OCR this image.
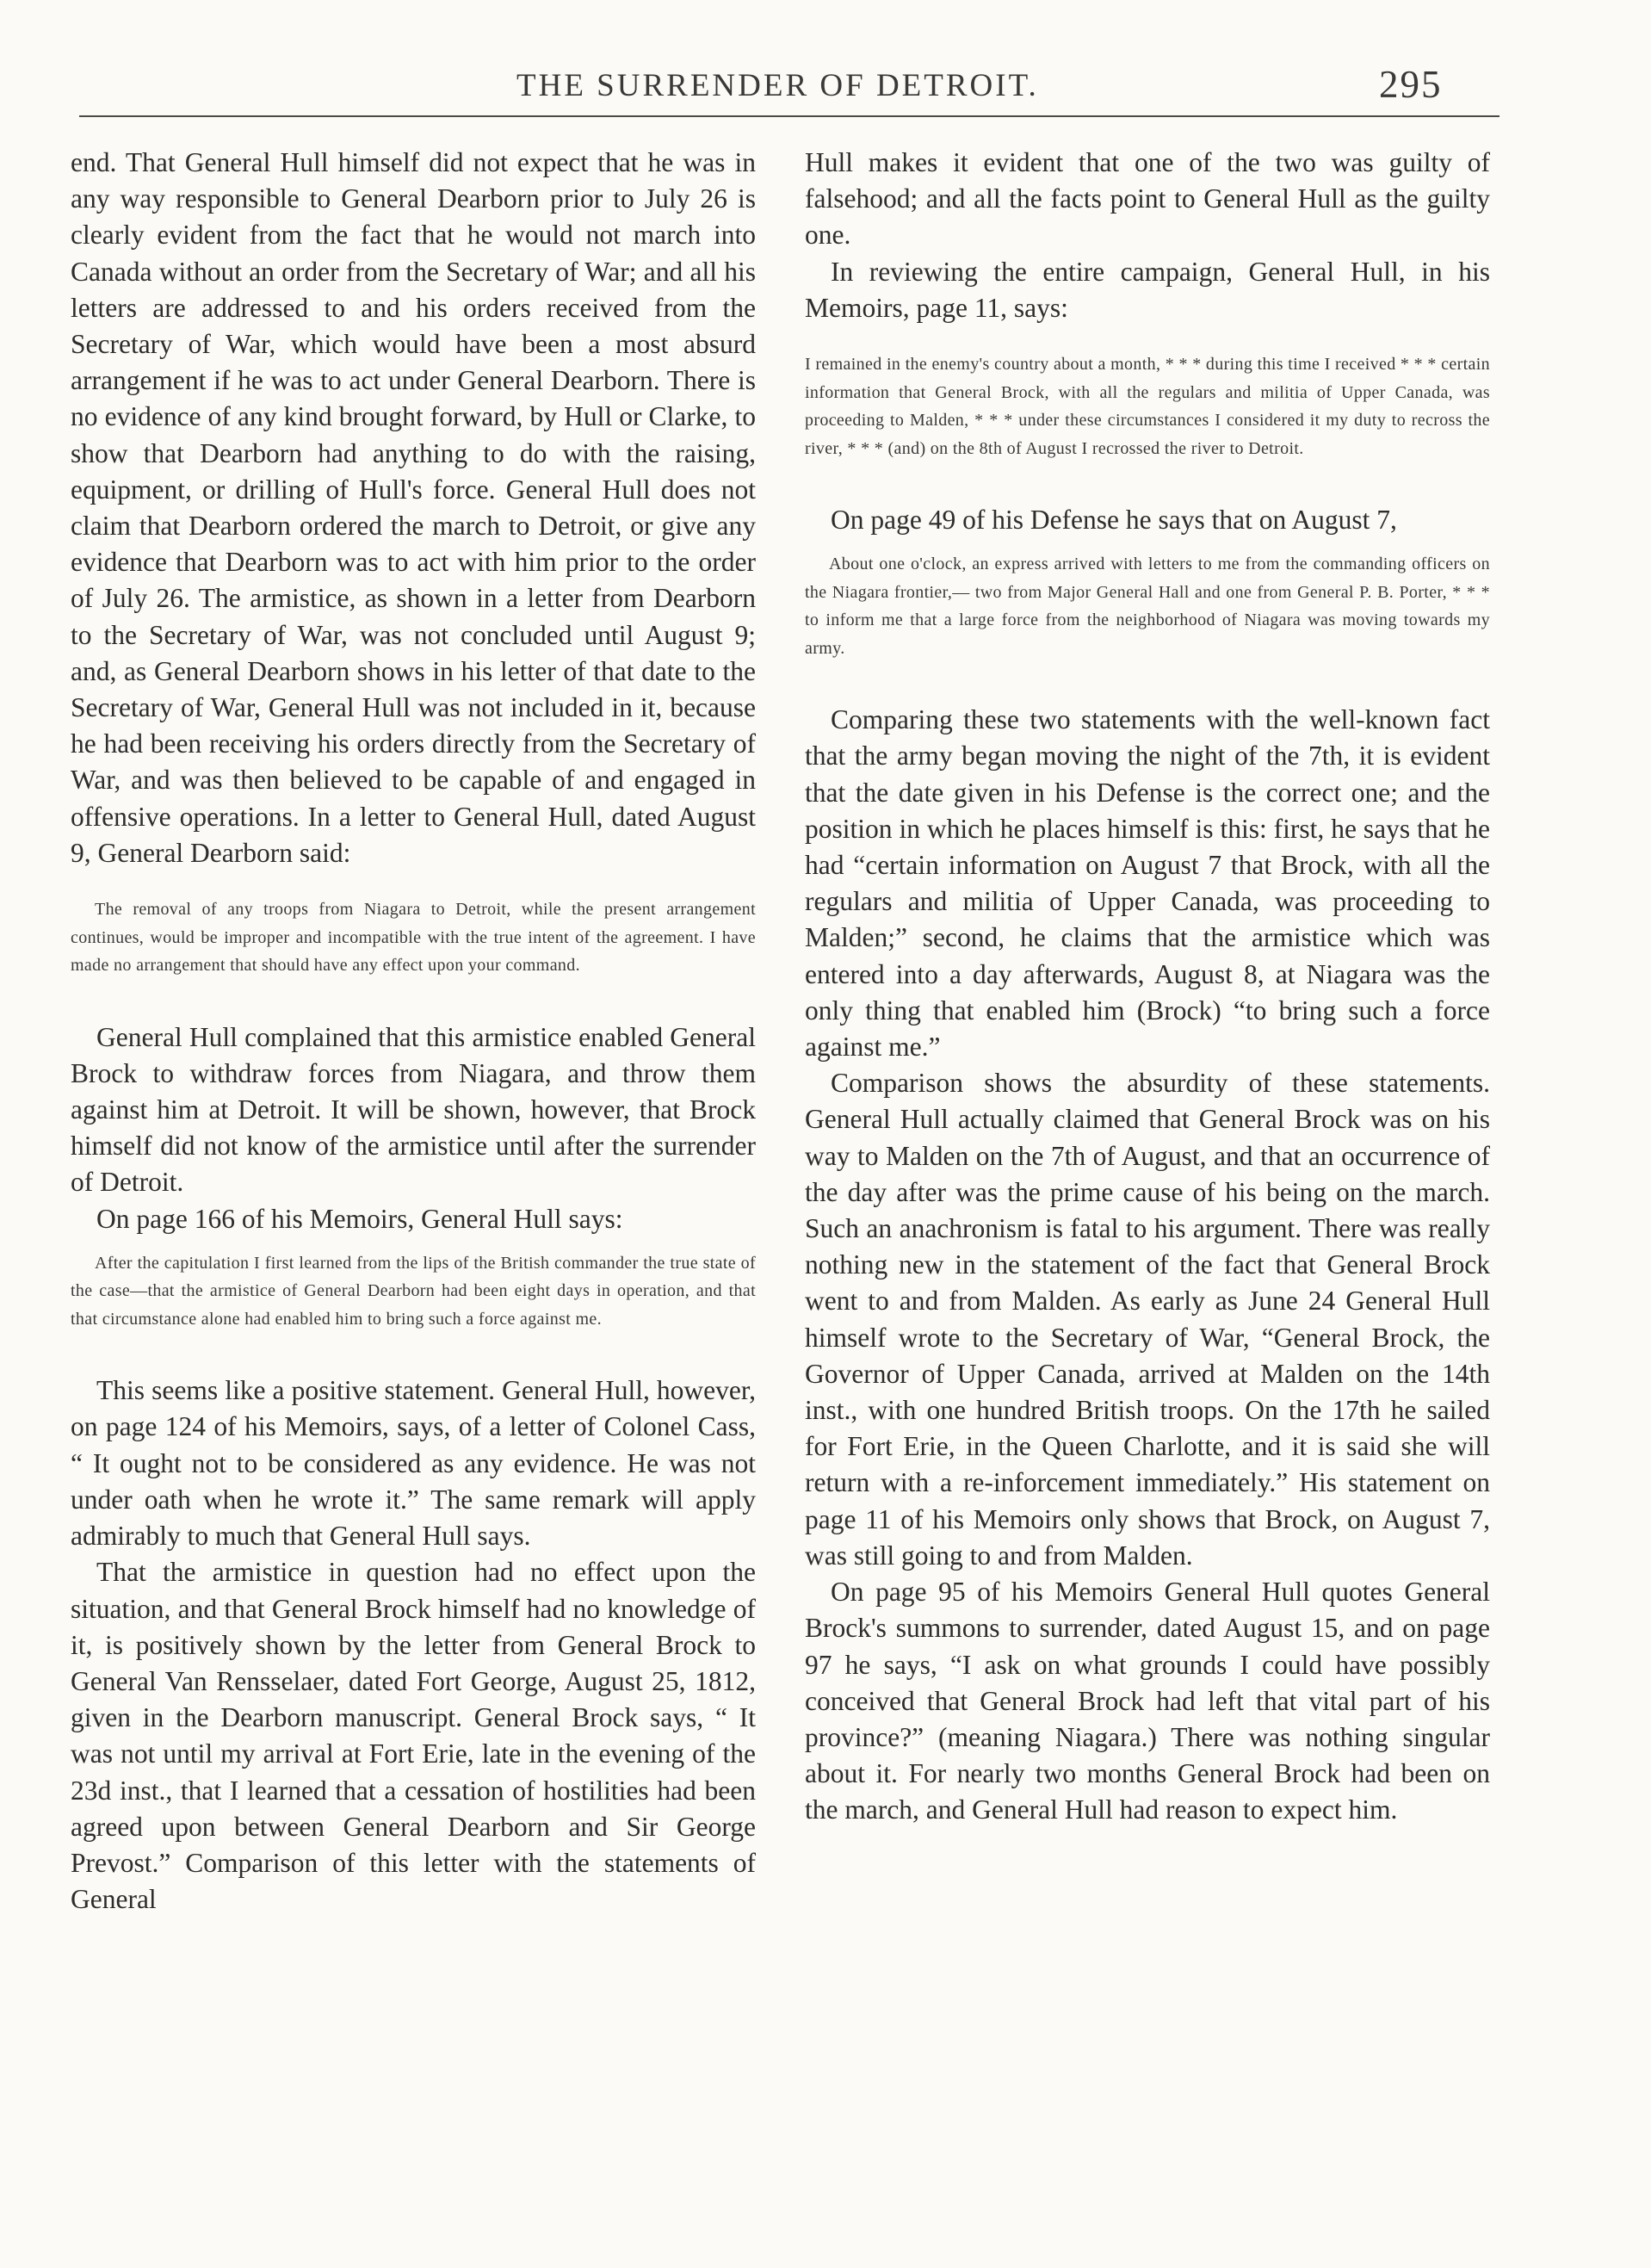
THE SURRENDER OF DETROIT.	295

end. That General Hull himself did not expect that he was in any way responsible to General Dearborn prior to July 26 is clearly evident from the fact that he would not march into Canada without an order from the Secretary of War; and all his letters are addressed to and his orders received from the Secretary of War, which would have been a most absurd arrangement if he was to act under General Dearborn. There is no evidence of any kind brought forward, by Hull or Clarke, to show that Dearborn had anything to do with the raising, equipment, or drilling of Hull's force. General Hull does not claim that Dearborn ordered the march to Detroit, or give any evidence that Dearborn was to act with him prior to the order of July 26. The armistice, as shown in a letter from Dearborn to the Secretary of War, was not concluded until August 9; and, as General Dearborn shows in his letter of that date to the Secretary of War, General Hull was not included in it, because he had been receiving his orders directly from the Secretary of War, and was then believed to be capable of and engaged in offensive operations. In a letter to General Hull, dated August 9, General Dearborn said:

The removal of any troops from Niagara to Detroit, while the present arrangement continues, would be improper and incompatible with the true intent of the agreement. I have made no arrangement that should have any effect upon your command.

General Hull complained that this armistice enabled General Brock to withdraw forces from Niagara, and throw them against him at Detroit. It will be shown, however, that Brock himself did not know of the armistice until after the surrender of Detroit.

On page 166 of his Memoirs, General Hull says:

After the capitulation I first learned from the lips of the British commander the true state of the case—that the armistice of General Dearborn had been eight days in operation, and that that circumstance alone had enabled him to bring such a force against me.

This seems like a positive statement. General Hull, however, on page 124 of his Memoirs, says, of a letter of Colonel Cass, “ It ought not to be considered as any evidence. He was not under oath when he wrote it.” The same remark will apply admirably to much that General Hull says.

That the armistice in question had no effect upon the situation, and that General Brock himself had no knowledge of it, is positively shown by the letter from General Brock to General Van Rensselaer, dated Fort George, August 25, 1812, given in the Dearborn manuscript. General Brock says, “ It was not until my arrival at Fort Erie, late in the evening of the 23d inst., that I learned that a cessation of hostilities had been agreed upon between General Dearborn and Sir George Prevost.” Comparison of this letter with the statements of General

Hull makes it evident that one of the two was guilty of falsehood; and all the facts point to General Hull as the guilty one.

In reviewing the entire campaign, General Hull, in his Memoirs, page 11, says:

I remained in the enemy's country about a month, * * * during this time I received * * * certain information that General Brock, with all the regulars and militia of Upper Canada, was proceeding to Malden, * * * under these circumstances I considered it my duty to recross the river, * * * (and) on the 8th of August I recrossed the river to Detroit.

On page 49 of his Defense he says that on August 7,

About one o'clock, an express arrived with letters to me from the commanding officers on the Niagara frontier,— two from Major General Hall and one from General P. B. Porter, * * * to inform me that a large force from the neighborhood of Niagara was moving towards my army.

Comparing these two statements with the well-known fact that the army began moving the night of the 7th, it is evident that the date given in his Defense is the correct one; and the position in which he places himself is this: first, he says that he had “certain information on August 7 that Brock, with all the regulars and militia of Upper Canada, was proceeding to Malden;” second, he claims that the armistice which was entered into a day afterwards, August 8, at Niagara was the only thing that enabled him (Brock) “to bring such a force against me.”

Comparison shows the absurdity of these statements. General Hull actually claimed that General Brock was on his way to Malden on the 7th of August, and that an occurrence of the day after was the prime cause of his being on the march. Such an anachronism is fatal to his argument. There was really nothing new in the statement of the fact that General Brock went to and from Malden. As early as June 24 General Hull himself wrote to the Secretary of War, “General Brock, the Governor of Upper Canada, arrived at Malden on the 14th inst., with one hundred British troops. On the 17th he sailed for Fort Erie, in the Queen Charlotte, and it is said she will return with a re-inforcement immediately.” His statement on page 11 of his Memoirs only shows that Brock, on August 7, was still going to and from Malden.

On page 95 of his Memoirs General Hull quotes General Brock's summons to surrender, dated August 15, and on page 97 he says, “I ask on what grounds I could have possibly conceived that General Brock had left that vital part of his province?” (meaning Niagara.) There was nothing singular about it. For nearly two months General Brock had been on the march, and General Hull had reason to expect him.
